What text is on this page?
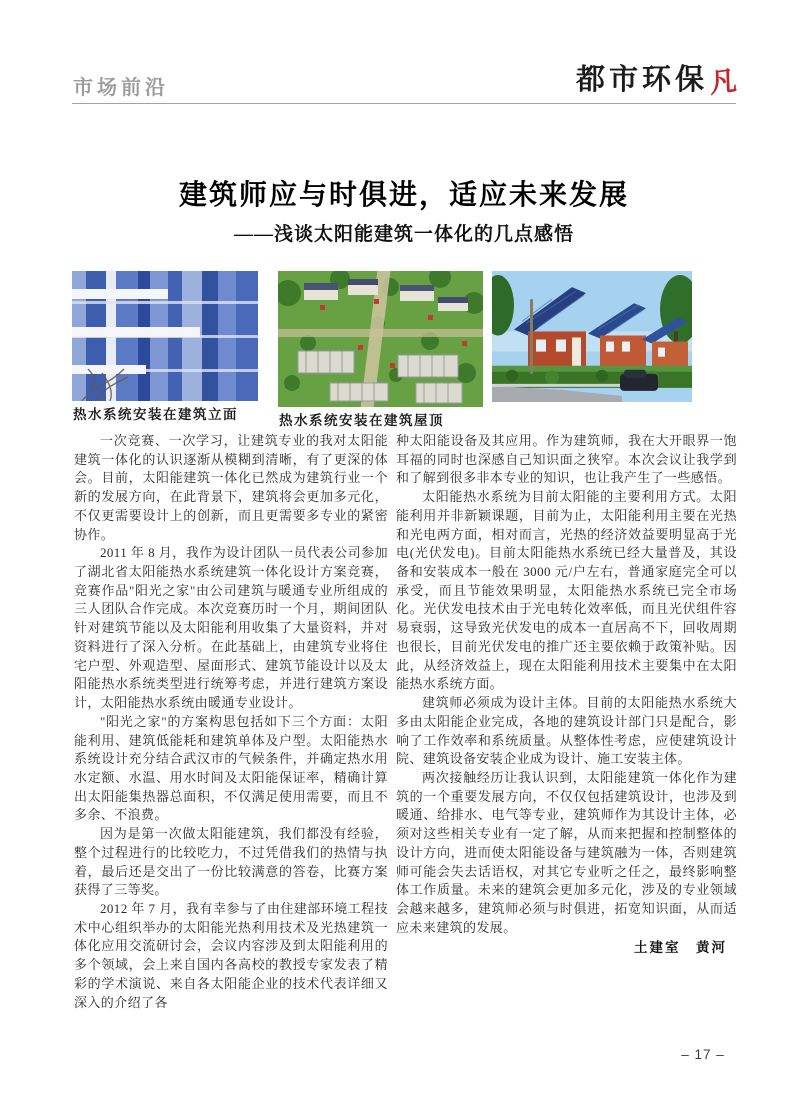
市场前沿	都市环保 凡
建筑师应与时俱进，适应未来发展
——浅谈太阳能建筑一体化的几点感悟
热水系统安装在建筑立面	热水系统安装在建筑屋顶

一次竞赛、一次学习，让建筑专业的我对太阳能建筑一体化的认识逐渐从模糊到清晰，有了更深的体会。目前，太阳能建筑一体化已然成为建筑行业一个新的发展方向，在此背景下，建筑将会更加多元化，不仅更需要设计上的创新，而且更需要多专业的紧密协作。

2011 年 8 月，我作为设计团队一员代表公司参加了湖北省太阳能热水系统建筑一体化设计方案竞赛，竞赛作品"阳光之家"由公司建筑与暖通专业所组成的三人团队合作完成。本次竞赛历时一个月，期间团队针对建筑节能以及太阳能利用收集了大量资料，并对资料进行了深入分析。在此基础上，由建筑专业将住宅户型、外观造型、屋面形式、建筑节能设计以及太阳能热水系统类型进行统筹考虑，并进行建筑方案设计，太阳能热水系统由暖通专业设计。

"阳光之家"的方案构思包括如下三个方面：太阳能利用、建筑低能耗和建筑单体及户型。太阳能热水系统设计充分结合武汉市的气候条件，并确定热水用水定额、水温、用水时间及太阳能保证率，精确计算出太阳能集热器总面积，不仅满足使用需要，而且不多余、不浪费。

因为是第一次做太阳能建筑，我们都没有经验，整个过程进行的比较吃力，不过凭借我们的热情与执着，最后还是交出了一份比较满意的答卷，比赛方案获得了三等奖。

2012 年 7 月，我有幸参与了由住建部环境工程技术中心组织举办的太阳能光热利用技术及光热建筑一体化应用交流研讨会，会议内容涉及到太阳能利用的多个领域，会上来自国内各高校的教授专家发表了精彩的学术演说、来自各太阳能企业的技术代表详细又深入的介绍了各

种太阳能设备及其应用。作为建筑师，我在大开眼界一饱耳福的同时也深感自己知识面之狭窄。本次会议让我学到和了解到很多非本专业的知识，也让我产生了一些感悟。

太阳能热水系统为目前太阳能的主要利用方式。太阳能利用并非新颖课题，目前为止，太阳能利用主要在光热和光电两方面，相对而言，光热的经济效益要明显高于光电(光伏发电)。目前太阳能热水系统已经大量普及，其设备和安装成本一般在 3000 元/户左右，普通家庭完全可以承受，而且节能效果明显，太阳能热水系统已完全市场化。光伏发电技术由于光电转化效率低，而且光伏组件容易衰弱，这导致光伏发电的成本一直居高不下，回收周期也很长，目前光伏发电的推广还主要依赖于政策补贴。因此，从经济效益上，现在太阳能利用技术主要集中在太阳能热水系统方面。

建筑师必须成为设计主体。目前的太阳能热水系统大多由太阳能企业完成，各地的建筑设计部门只是配合，影响了工作效率和系统质量。从整体性考虑，应使建筑设计院、建筑设备安装企业成为设计、施工安装主体。

两次接触经历让我认识到，太阳能建筑一体化作为建筑的一个重要发展方向，不仅仅包括建筑设计，也涉及到暖通、给排水、电气等专业，建筑师作为其设计主体，必须对这些相关专业有一定了解，从而来把握和控制整体的设计方向，进而使太阳能设备与建筑融为一体，否则建筑师可能会失去话语权，对其它专业听之任之，最终影响整体工作质量。未来的建筑会更加多元化，涉及的专业领域会越来越多，建筑师必须与时俱进，拓宽知识面，从而适应未来建筑的发展。

土建室　黄河
– 17 –
